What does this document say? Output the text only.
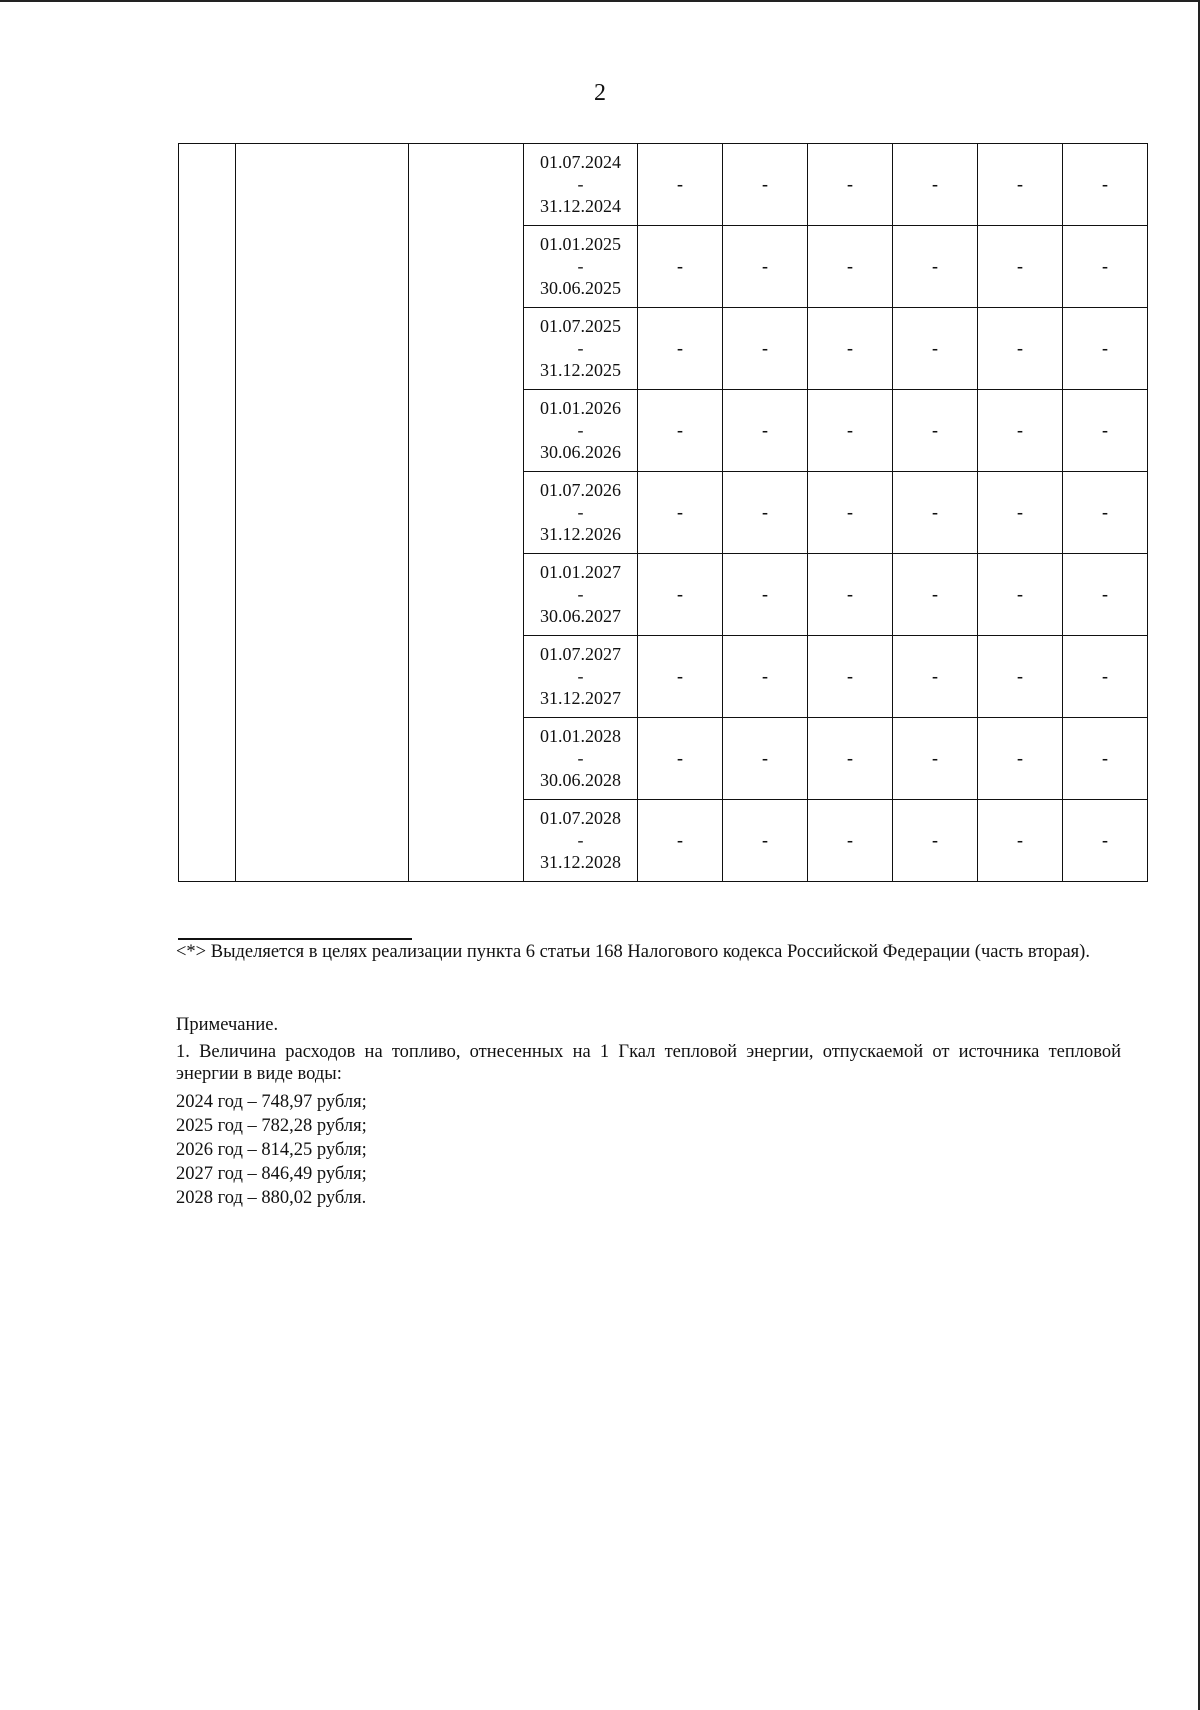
2

			01.07.2024
-
31.12.2024	-	-	-	-	-	-

			01.01.2025
-
30.06.2025	-	-	-	-	-	-

			01.07.2025
-
31.12.2025	-	-	-	-	-	-

			01.01.2026
-
30.06.2026	-	-	-	-	-	-

			01.07.2026
-
31.12.2026	-	-	-	-	-	-

			01.01.2027
-
30.06.2027	-	-	-	-	-	-

			01.07.2027
-
31.12.2027	-	-	-	-	-	-

			01.01.2028
-
30.06.2028	-	-	-	-	-	-

			01.07.2028
-
31.12.2028	-	-	-	-	-	-
<*> Выделяется в целях реализации пункта 6 статьи 168 Налогового кодекса Российской Федерации (часть вторая).
Примечание.
1. Величина расходов на топливо, отнесенных на 1 Гкал тепловой энергии, отпускаемой от источника тепловой энергии в виде воды:
2024 год – 748,97 рубля;
2025 год – 782,28 рубля;
2026 год – 814,25 рубля;
2027 год – 846,49 рубля;
2028 год – 880,02 рубля.
